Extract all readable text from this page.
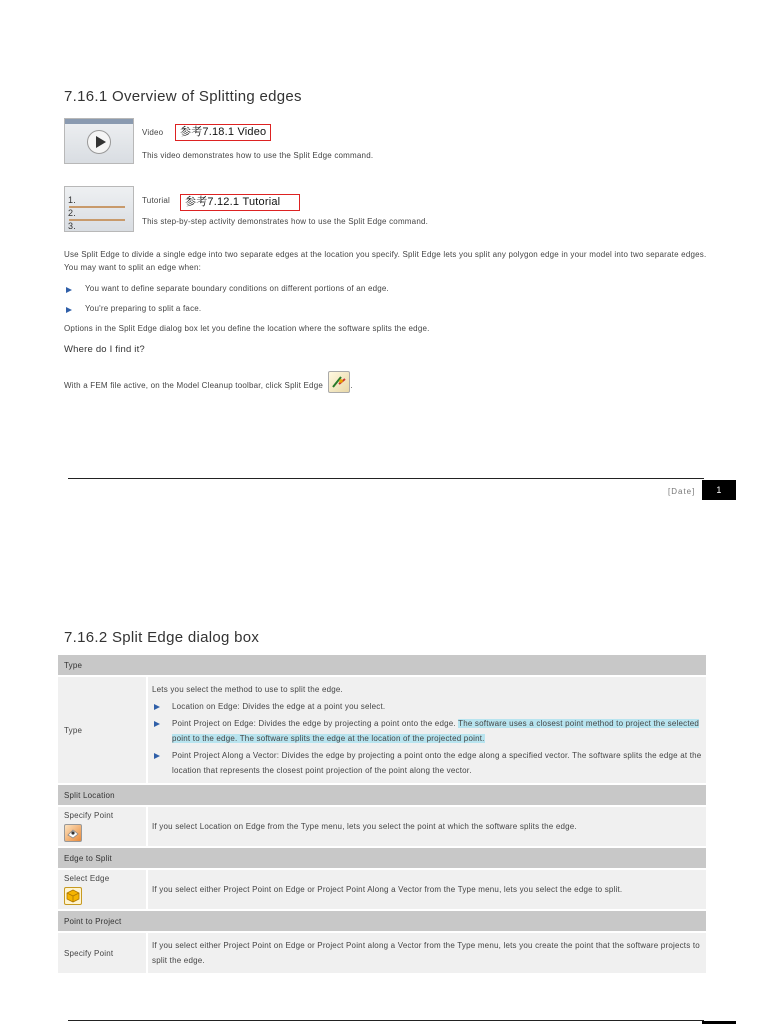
7.16.1 Overview of Splitting edges
Video	参考7.18.1 Video
This video demonstrates how to use the Split Edge command.
1.
2.
3.
Tutorial	参考7.12.1 Tutorial
This step-by-step activity demonstrates how to use the Split Edge command.
Use Split Edge to divide a single edge into two separate edges at the location you specify. Split Edge lets you split any polygon edge in your model into two separate edges. You may want to split an edge when:
You want to define separate boundary conditions on different portions of an edge.
You're preparing to split a face.
Options in the Split Edge dialog box let you define the location where the software splits the edge.
Where do I find it?
With a FEM file active, on the Model Cleanup toolbar, click Split Edge	.
[Date]	1
7.16.2 Split Edge dialog box
Type	
Type	Lets you select the method to use to split the edge.
Location on Edge: Divides the edge at a point you select.
Point Project on Edge: Divides the edge by projecting a point onto the edge. The software uses a closest point method to project the selected point to the edge. The software splits the edge at the location of the projected point.
Point Project Along a Vector: Divides the edge by projecting a point onto the edge along a specified vector. The software splits the edge at the location that represents the closest point projection of the point along the vector.

Split Location	

Specify Point	If you select Location on Edge from the Type menu, lets you select the point at which the software splits the edge.
Edge to Split	

Select Edge	If you select either Project Point on Edge or Project Point Along a Vector from the Type menu, lets you select the edge to split.
Point to Project	
Specify Point	If you select either Project Point on Edge or Project Point along a Vector from the Type menu, lets you create the point that the software projects to split the edge.
